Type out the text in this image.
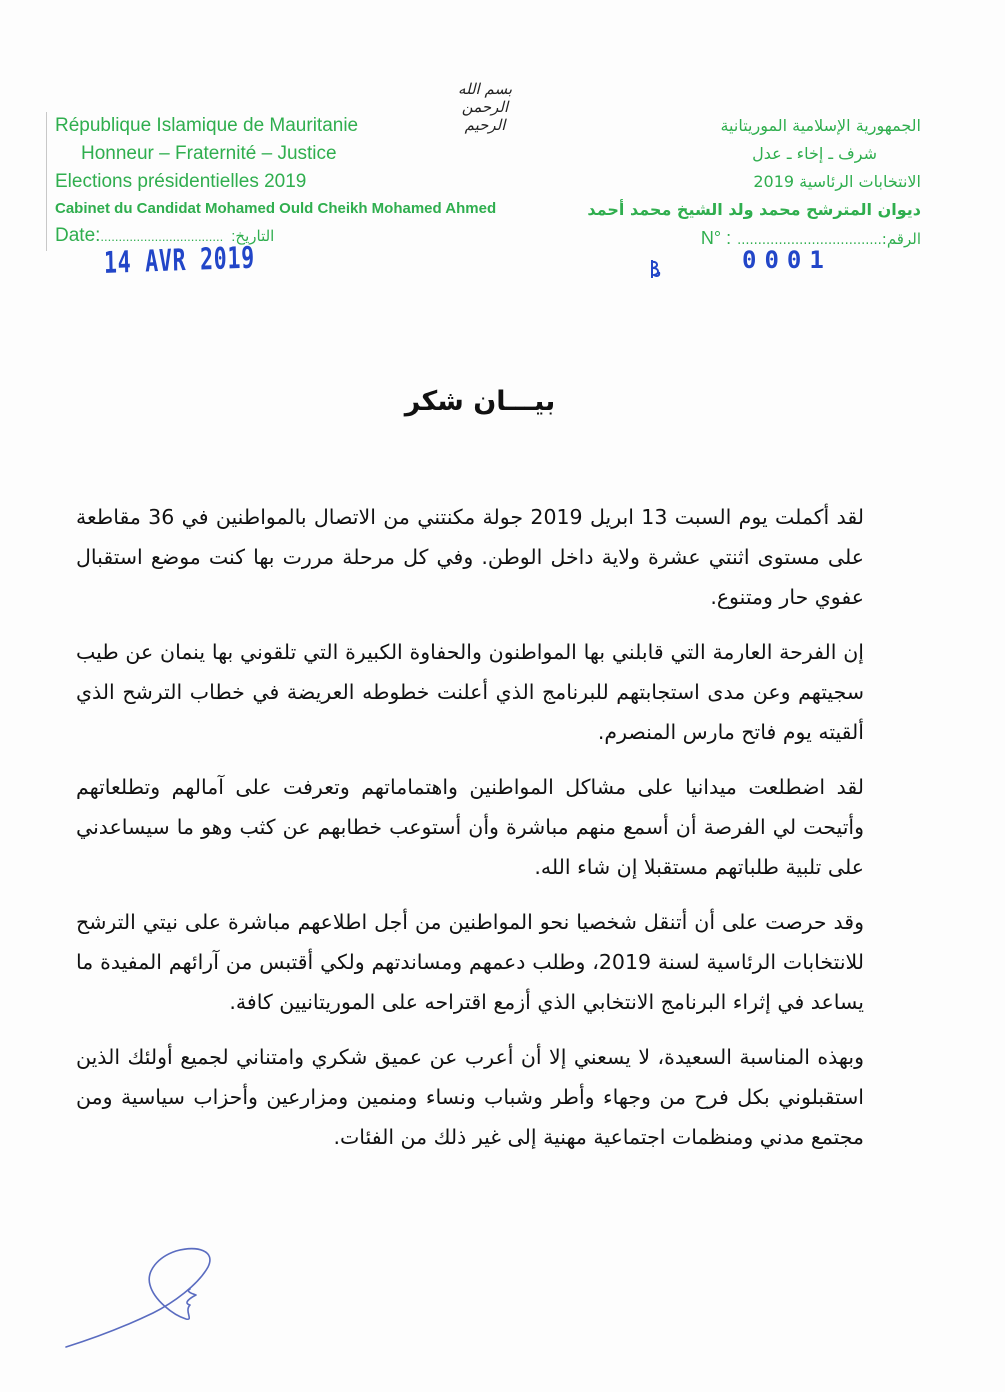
بسم الله الرحمن الرحيم
République Islamique de Mauritanie
Honneur – Fraternité – Justice
Elections présidentielles 2019
Cabinet du Candidat Mohamed Ould Cheikh Mohamed Ahmed
Date: .................................. التاريخ:
الجمهورية الإسلامية الموريتانية
شرف ـ إخاء ـ عدل
الانتخابات الرئاسية 2019
ديوان المترشح محمد ولد الشيخ محمد أحمد
الرقم:
...................................
N° :
14 AVR 2019	0001
بيـــان شكر

لقد أكملت يوم السبت 13 ابريل 2019 جولة مكنتني من الاتصال بالمواطنين في 36 مقاطعة على مستوى اثنتي عشرة ولاية داخل الوطن. وفي كل مرحلة مررت بها كنت موضع استقبال عفوي حار ومتنوع.

إن الفرحة العارمة التي قابلني بها المواطنون والحفاوة الكبيرة التي تلقوني بها ينمان عن طيب سجيتهم وعن مدى استجابتهم للبرنامج الذي أعلنت خطوطه العريضة في خطاب الترشح الذي ألقيته يوم فاتح مارس المنصرم.

لقد اضطلعت ميدانيا على مشاكل المواطنين واهتماماتهم وتعرفت على آمالهم وتطلعاتهم وأتيحت لي الفرصة أن أسمع منهم مباشرة وأن أستوعب خطابهم عن كثب وهو ما سيساعدني على تلبية طلباتهم مستقبلا إن شاء الله.

وقد حرصت على أن أتنقل شخصيا نحو المواطنين من أجل اطلاعهم مباشرة على نيتي الترشح للانتخابات الرئاسية لسنة 2019، وطلب دعمهم ومساندتهم ولكي أقتبس من آرائهم المفيدة ما يساعد في إثراء البرنامج الانتخابي الذي أزمع اقتراحه على الموريتانيين كافة.

وبهذه المناسبة السعيدة، لا يسعني إلا أن أعرب عن عميق شكري وامتناني لجميع أولئك الذين استقبلوني بكل فرح من وجهاء وأطر وشباب ونساء ومنمين ومزارعين وأحزاب سياسية ومن مجتمع مدني ومنظمات اجتماعية مهنية إلى غير ذلك من الفئات.
